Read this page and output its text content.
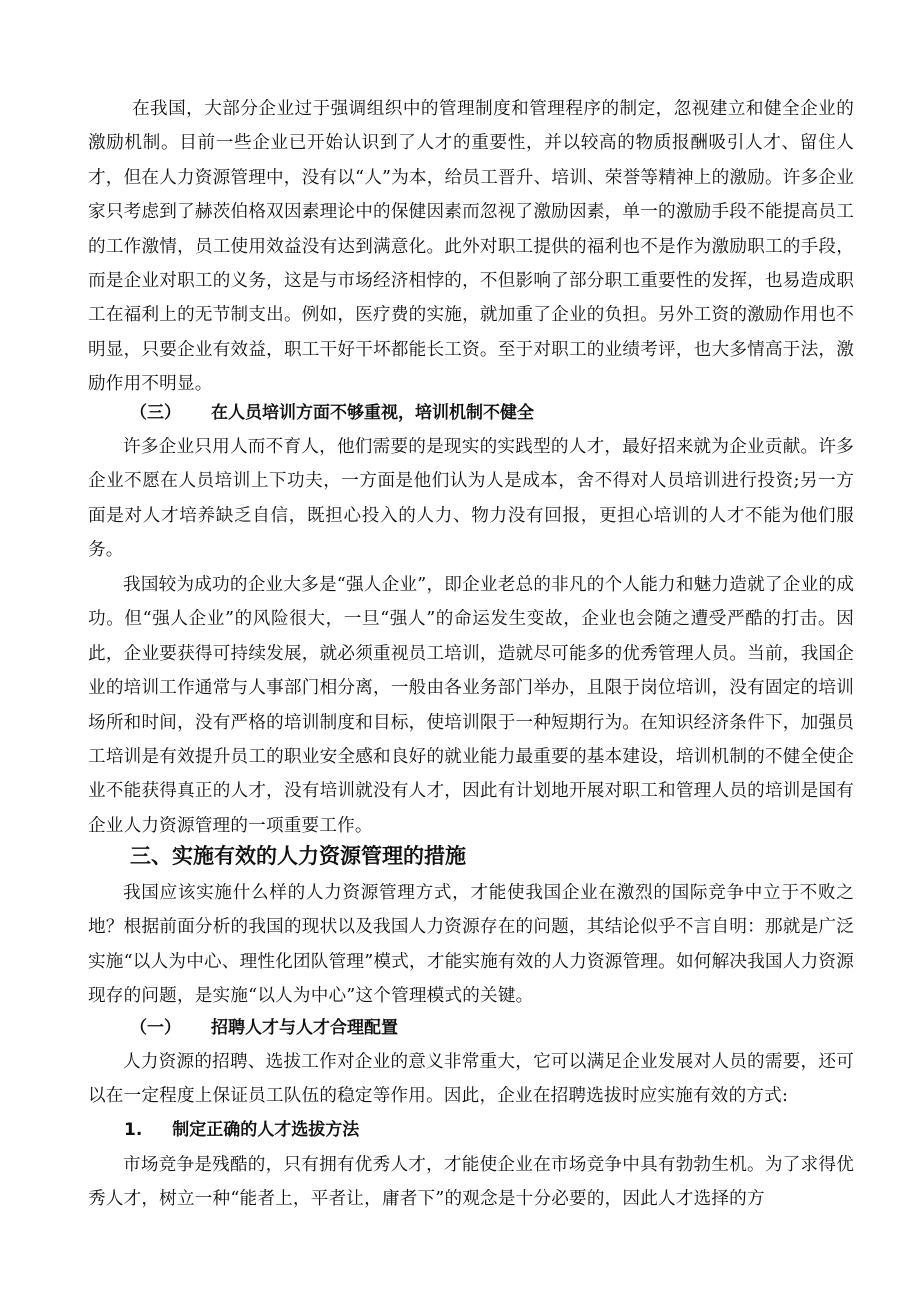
在我国，大部分企业过于强调组织中的管理制度和管理程序的制定，忽视建立和健全企业的激励机制。目前一些企业已开始认识到了人才的重要性，并以较高的物质报酬吸引人才、留住人才，但在人力资源管理中，没有以“人”为本，给员工晋升、培训、荣誉等精神上的激励。许多企业家只考虑到了赫茨伯格双因素理论中的保健因素而忽视了激励因素，单一的激励手段不能提高员工的工作激情，员工使用效益没有达到满意化。此外对职工提供的福利也不是作为激励职工的手段，而是企业对职工的义务，这是与市场经济相悖的，不但影响了部分职工重要性的发挥，也易造成职工在福利上的无节制支出。例如，医疗费的实施，就加重了企业的负担。另外工资的激励作用也不明显，只要企业有效益，职工干好干坏都能长工资。至于对职工的业绩考评，也大多情高于法，激励作用不明显。

（三） 在人员培训方面不够重视，培训机制不健全

许多企业只用人而不育人，他们需要的是现实的实践型的人才，最好招来就为企业贡献。许多企业不愿在人员培训上下功夫，一方面是他们认为人是成本，舍不得对人员培训进行投资;另一方面是对人才培养缺乏自信，既担心投入的人力、物力没有回报，更担心培训的人才不能为他们服务。

我国较为成功的企业大多是“强人企业”，即企业老总的非凡的个人能力和魅力造就了企业的成功。但“强人企业”的风险很大，一旦“强人”的命运发生变故，企业也会随之遭受严酷的打击。因此，企业要获得可持续发展，就必须重视员工培训，造就尽可能多的优秀管理人员。当前，我国企业的培训工作通常与人事部门相分离，一般由各业务部门举办，且限于岗位培训，没有固定的培训场所和时间，没有严格的培训制度和目标，使培训限于一种短期行为。在知识经济条件下，加强员工培训是有效提升员工的职业安全感和良好的就业能力最重要的基本建设，培训机制的不健全使企业不能获得真正的人才，没有培训就没有人才，因此有计划地开展对职工和管理人员的培训是国有企业人力资源管理的一项重要工作。

三、实施有效的人力资源管理的措施

我国应该实施什么样的人力资源管理方式，才能使我国企业在激烈的国际竞争中立于不败之地？根据前面分析的我国的现状以及我国人力资源存在的问题，其结论似乎不言自明：那就是广泛实施“以人为中心、理性化团队管理”模式，才能实施有效的人力资源管理。如何解决我国人力资源现存的问题，是实施“以人为中心”这个管理模式的关键。

（一） 招聘人才与人才合理配置

人力资源的招聘、选拔工作对企业的意义非常重大，它可以满足企业发展对人员的需要，还可以在一定程度上保证员工队伍的稳定等作用。因此，企业在招聘选拔时应实施有效的方式:

1. 制定正确的人才选拔方法

市场竞争是残酷的，只有拥有优秀人才，才能使企业在市场竞争中具有勃勃生机。为了求得优秀人才，树立一种“能者上，平者让，庸者下”的观念是十分必要的，因此人才选择的方
